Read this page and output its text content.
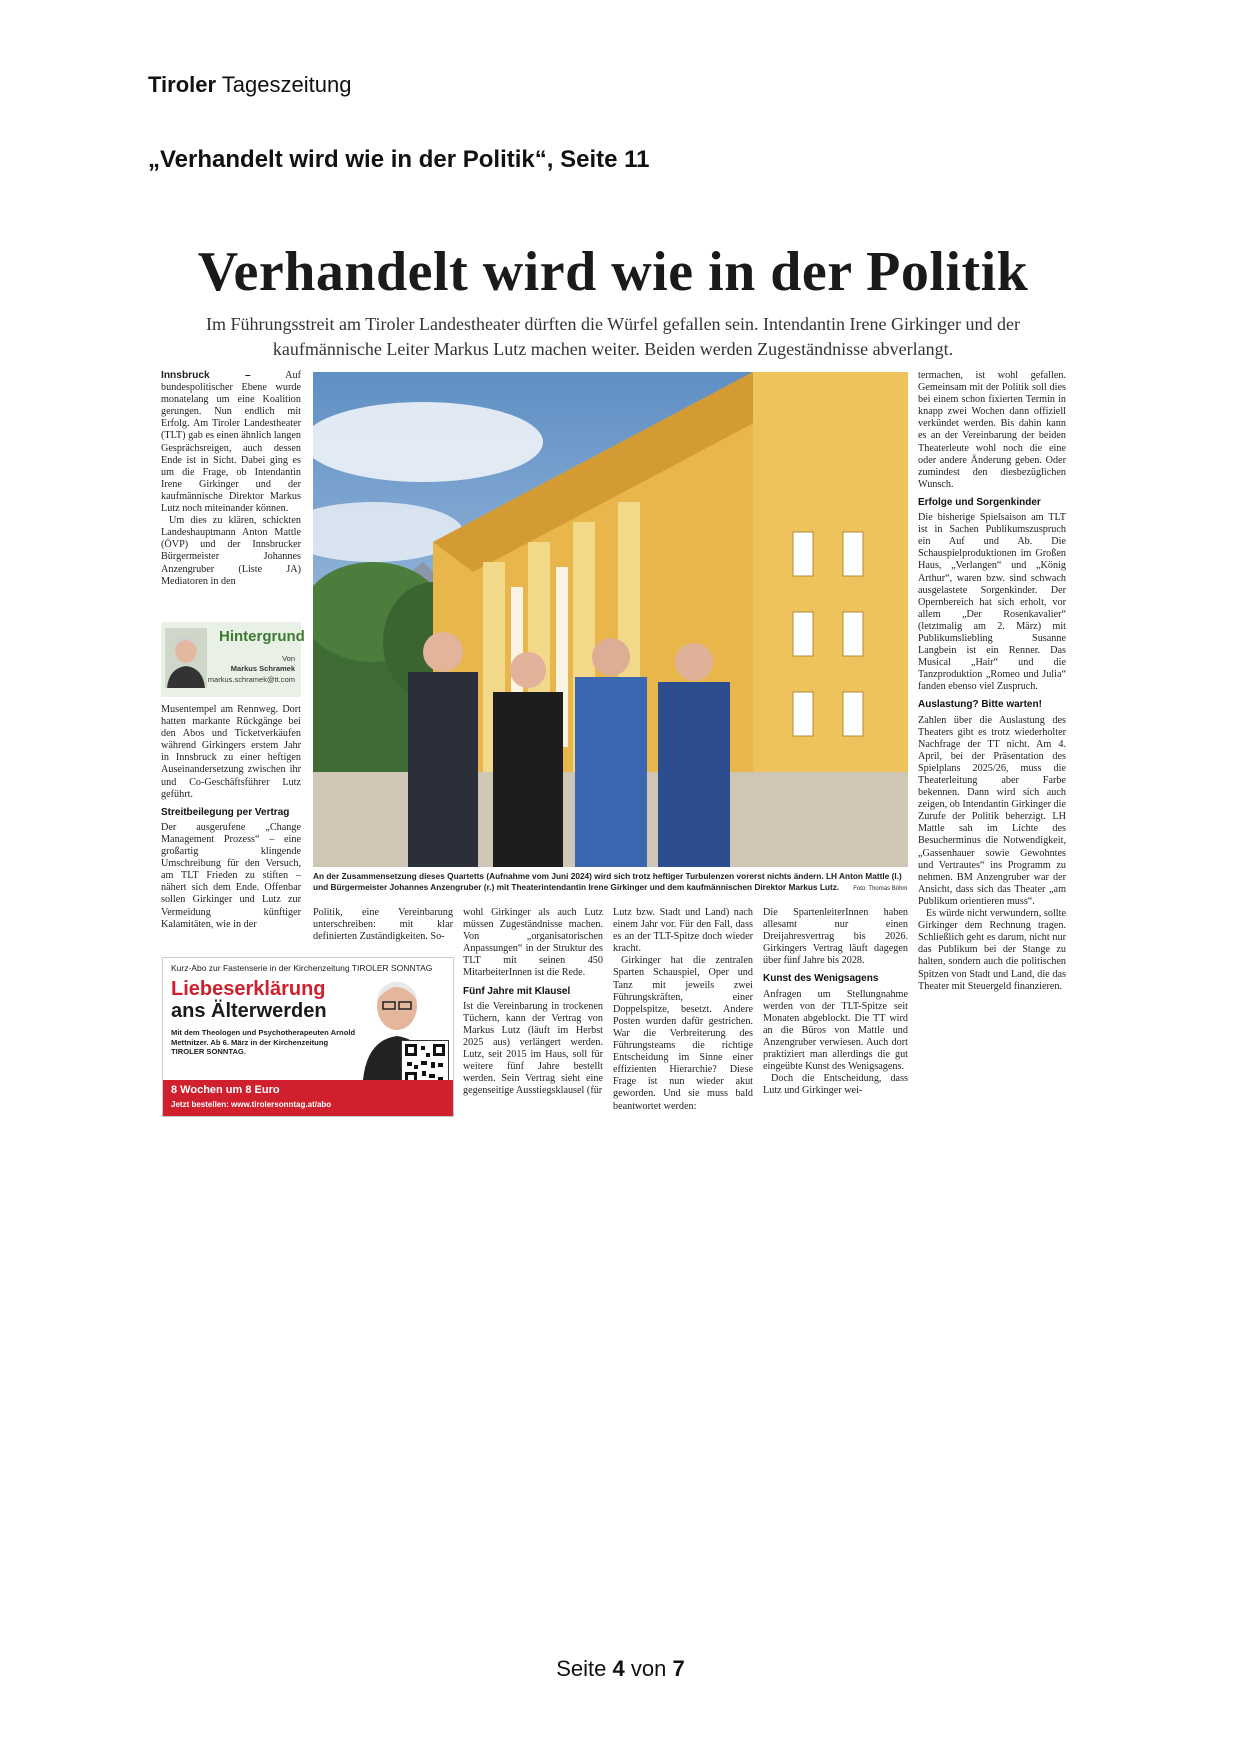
Tiroler Tageszeitung
„Verhandelt wird wie in der Politik“, Seite 11
Verhandelt wird wie in der Politik
Im Führungsstreit am Tiroler Landestheater dürften die Würfel gefallen sein. Intendantin Irene Girkinger und der kaufmännische Leiter Markus Lutz machen weiter. Beiden werden Zugeständnisse abverlangt.

Innsbruck –	Auf bundespolitischer Ebene wurde monatelang um eine Koalition gerungen. Nun endlich mit Erfolg. Am Tiroler Landestheater (TLT) gab es einen ähnlich langen Gesprächsreigen, auch dessen Ende ist in Sicht. Dabei ging es um die Frage, ob Intendantin Irene Girkinger und der kaufmännische Direktor Markus Lutz noch miteinander können.

Um dies zu klären, schickten Landeshauptmann Anton Mattle (ÖVP) und der Innsbrucker Bürgermeister Johannes Anzengruber (Liste JA) Mediatoren in den

Hintergrund
Von
Markus Schramek
markus.schramek@tt.com

Musentempel am Rennweg. Dort hatten markante Rückgänge bei den Abos und Ticketverkäufen während Girkingers erstem Jahr in Innsbruck zu einer heftigen Auseinandersetzung zwischen ihr und Co-Geschäftsführer Lutz geführt.

Streitbeilegung per Vertrag

Der ausgerufene „Change Management Prozess“ – eine großartig klingende Umschreibung für den Versuch, am TLT Frieden zu stiften – nähert sich dem Ende. Offenbar sollen Girkinger und Lutz zur Vermeidung künftiger Kalamitäten, wie in der

An der Zusammensetzung dieses Quartetts (Aufnahme vom Juni 2024) wird sich trotz heftiger Turbulenzen vorerst nichts ändern. LH Anton Mattle (l.) und Bürgermeister Johannes Anzengruber (r.) mit Theaterintendantin Irene Girkinger und dem kaufmännischen Direktor Markus Lutz. Foto: Thomas Böhm
Kurz-Abo zur Fastenserie in der Kirchenzeitung TIROLER SONNTAG
Liebeserklärung
ans Älterwerden
Mit dem Theologen und Psychotherapeuten Arnold Mettnitzer. Ab 6. März in der Kirchenzeitung TIROLER SONNTAG.
8 Wochen um 8 Euro
Jetzt bestellen: www.tirolersonntag.at/abo

Politik, eine Vereinbarung unterschreiben: mit klar definierten Zuständigkeiten. So-

wohl Girkinger als auch Lutz müssen Zugeständnisse machen. Von „organisatorischen Anpassungen“ in der Struktur des TLT mit seinen 450 MitarbeiterInnen ist die Rede.

Fünf Jahre mit Klausel

Ist die Vereinbarung in trockenen Tüchern, kann der Vertrag von Markus Lutz (läuft im Herbst 2025 aus) verlängert werden. Lutz, seit 2015 im Haus, soll für weitere fünf Jahre bestellt werden. Sein Vertrag sieht eine gegenseitige Ausstiegsklausel (für

Lutz bzw. Stadt und Land) nach einem Jahr vor. Für den Fall, dass es an der TLT-Spitze doch wieder kracht.

Girkinger hat die zentralen Sparten Schauspiel, Oper und Tanz mit jeweils zwei Führungskräften, einer Doppelspitze, besetzt. Andere Posten wurden dafür gestrichen. War die Verbreiterung des Führungsteams die richtige Entscheidung im Sinne einer effizienten Hierarchie? Diese Frage ist nun wieder akut geworden. Und sie muss bald beantwortet werden:

Die SpartenleiterInnen haben allesamt nur einen Dreijahresvertrag bis 2026. Girkingers Vertrag läuft dagegen über fünf Jahre bis 2028.

Kunst des Wenigsagens

Anfragen um Stellungnahme werden von der TLT-Spitze seit Monaten abgeblockt. Die TT wird an die Büros von Mattle und Anzengruber verwiesen. Auch dort praktiziert man allerdings die gut eingeübte Kunst des Wenigsagens.

Doch die Entscheidung, dass Lutz und Girkinger wei-

termachen, ist wohl gefallen. Gemeinsam mit der Politik soll dies bei einem schon fixierten Termin in knapp zwei Wochen dann offiziell verkündet werden. Bis dahin kann es an der Vereinbarung der beiden Theaterleute wohl noch die eine oder andere Änderung geben. Oder zumindest den diesbezüglichen Wunsch.

Erfolge und Sorgenkinder

Die bisherige Spielsaison am TLT ist in Sachen Publikumszuspruch ein Auf und Ab. Die Schauspielproduktionen im Großen Haus, „Verlangen“ und „König Arthur“, waren bzw. sind schwach ausgelastete Sorgenkinder. Der Opernbereich hat sich erholt, vor allem „Der Rosenkavalier“ (letztmalig am 2. März) mit Publikumsliebling Susanne Langbein ist ein Renner. Das Musical „Hair“ und die Tanzproduktion „Romeo und Julia“ fanden ebenso viel Zuspruch.

Auslastung? Bitte warten!

Zahlen über die Auslastung des Theaters gibt es trotz wiederholter Nachfrage der TT nicht. Am 4. April, bei der Präsentation des Spielplans 2025/26, muss die Theaterleitung aber Farbe bekennen. Dann wird sich auch zeigen, ob Intendantin Girkinger die Zurufe der Politik beherzigt. LH Mattle sah im Lichte des Besucherminus die Notwendigkeit, „Gassenhauer sowie Gewohntes und Vertrautes“ ins Programm zu nehmen. BM Anzengruber war der Ansicht, dass sich das Theater „am Publikum orientieren muss“.

Es würde nicht verwundern, sollte Girkinger dem Rechnung tragen. Schließlich geht es darum, nicht nur das Publikum bei der Stange zu halten, sondern auch die politischen Spitzen von Stadt und Land, die das Theater mit Steuergeld finanzieren.

Seite 4 von 7
